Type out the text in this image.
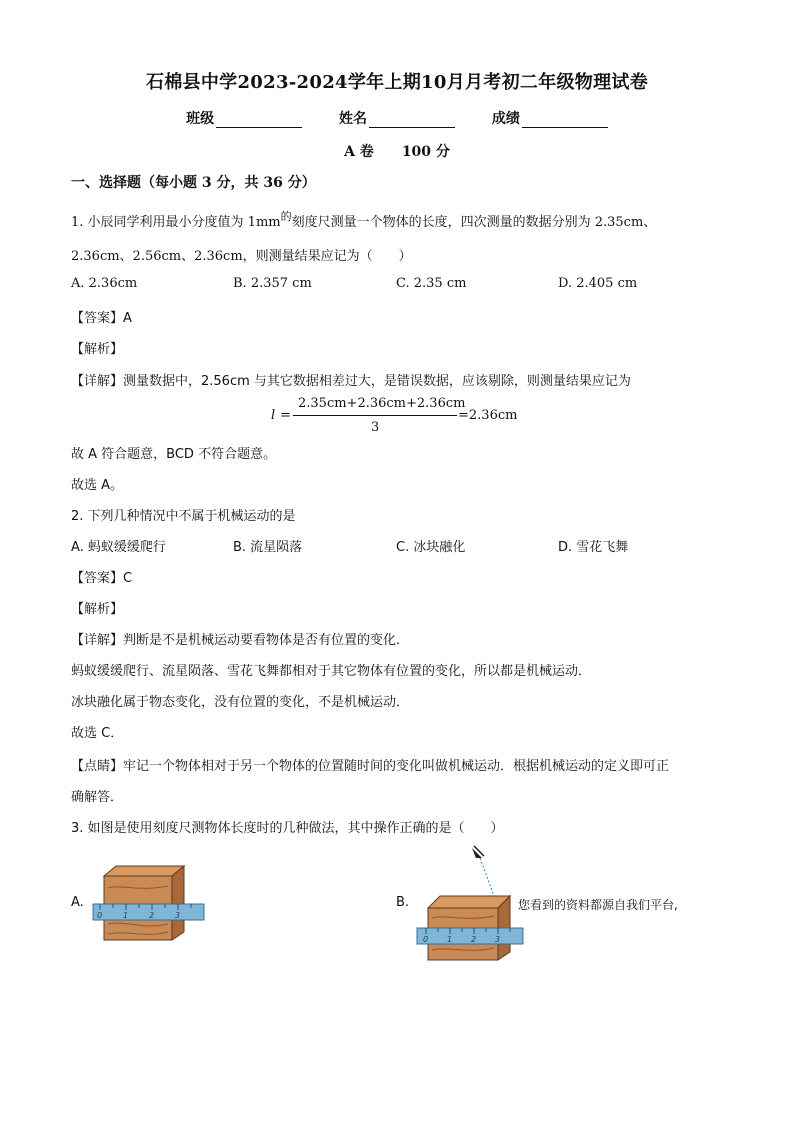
石棉县中学2023-2024学年上期10月月考初二年级物理试卷
班级	姓名	成绩
A 卷 100 分
一、选择题（每小题 3 分，共 36 分）
1. 小辰同学利用最小分度值为 $1mm^的$刻度尺测量一个物体的长度，四次测量的数据分别为 2.35cm、
2.36cm、2.56cm、2.36cm，则测量结果应记为（　　）
A. 2.36cm	B. 2.357 cm	C. 2.35 cm	D. 2.405 cm
【答案】A
【解析】
【详解】测量数据中，2.56cm 与其它数据相差过大，是错误数据，应该剔除，则测量结果应记为
l =
2.35cm+2.36cm+2.36cm
3
=2.36cm
故 A 符合题意，BCD 不符合题意。
故选 A。
2. 下列几种情况中不属于机械运动的是
A. 蚂蚁缓缓爬行	B. 流星陨落	C. 冰块融化	D. 雪花飞舞
【答案】C
【解析】
【详解】判断是不是机械运动要看物体是否有位置的变化．
蚂蚁缓缓爬行、流星陨落、雪花飞舞都相对于其它物体有位置的变化，所以都是机械运动．
冰块融化属于物态变化，没有位置的变化，不是机械运动．
故选 C．
【点睛】牢记一个物体相对于另一个物体的位置随时间的变化叫做机械运动．根据机械运动的定义即可正
确解答．
3. 如图是使用刻度尺测物体长度时的几种做法，其中操作正确的是（　　）
A.	B.
0	1	2	3
0 1 2 3
您看到的资料都源自我们平台,
